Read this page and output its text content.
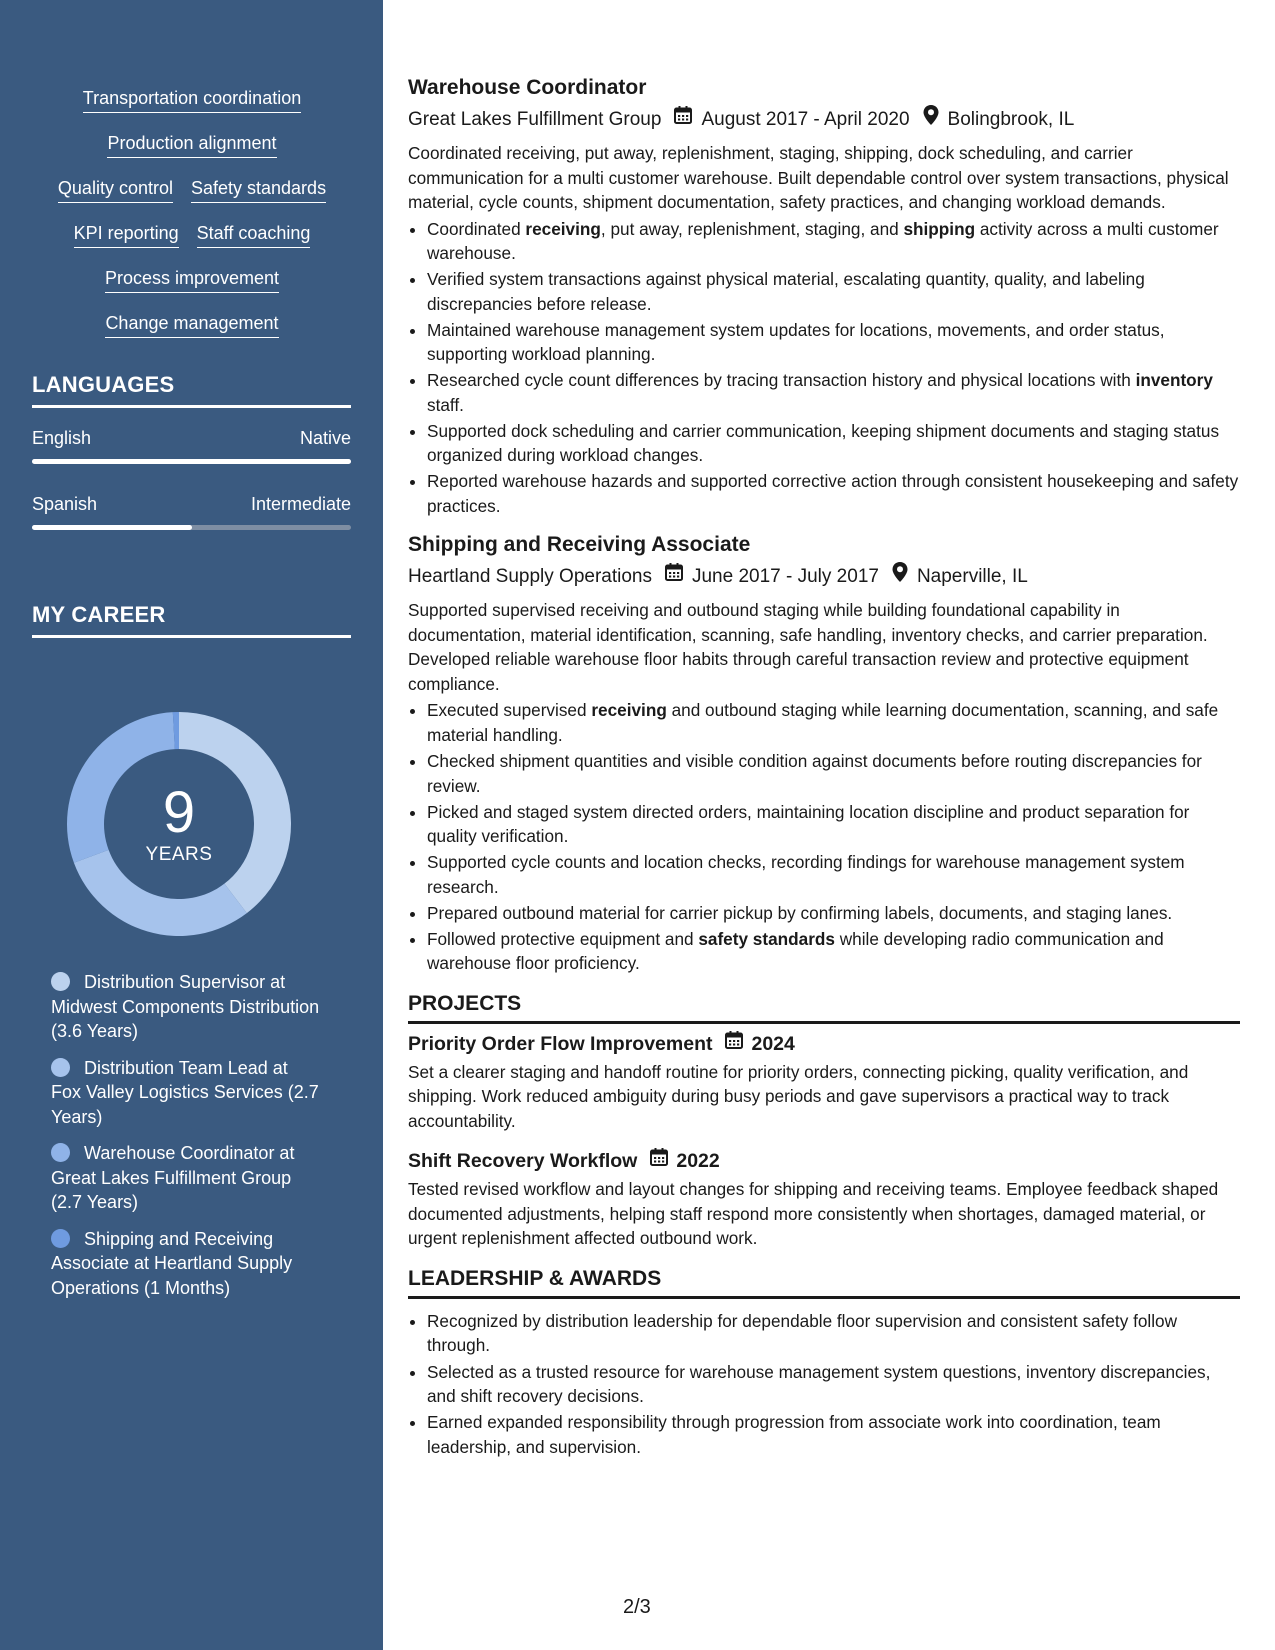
Transportation coordination
Production alignment
Quality control Safety standards
KPI reporting Staff coaching
Process improvement
Change management
LANGUAGES
English	Native
Spanish	Intermediate
MY CAREER
9
YEARS
Distribution Supervisor at Midwest Components Distribution (3.6 Years)
Distribution Team Lead at Fox Valley Logistics Services (2.7 Years)
Warehouse Coordinator at Great Lakes Fulfillment Group (2.7 Years)
Shipping and Receiving Associate at Heartland Supply Operations (1 Months)
Warehouse Coordinator
Great Lakes Fulfillment Group August 2017 - April 2020 Bolingbrook, IL

Coordinated receiving, put away, replenishment, staging, shipping, dock scheduling, and carrier communication for a multi customer warehouse. Built dependable control over system transactions, physical material, cycle counts, shipment documentation, safety practices, and changing workload demands.

• Coordinated receiving, put away, replenishment, staging, and shipping activity across a multi customer warehouse.
• Verified system transactions against physical material, escalating quantity, quality, and labeling discrepancies before release.
• Maintained warehouse management system updates for locations, movements, and order status, supporting workload planning.
• Researched cycle count differences by tracing transaction history and physical locations with inventory staff.
• Supported dock scheduling and carrier communication, keeping shipment documents and staging status organized during workload changes.
• Reported warehouse hazards and supported corrective action through consistent housekeeping and safety practices.
Shipping and Receiving Associate
Heartland Supply Operations June 2017 - July 2017 Naperville, IL

Supported supervised receiving and outbound staging while building foundational capability in documentation, material identification, scanning, safe handling, inventory checks, and carrier preparation. Developed reliable warehouse floor habits through careful transaction review and protective equipment compliance.

• Executed supervised receiving and outbound staging while learning documentation, scanning, and safe material handling.
• Checked shipment quantities and visible condition against documents before routing discrepancies for review.
• Picked and staged system directed orders, maintaining location discipline and product separation for quality verification.
• Supported cycle counts and location checks, recording findings for warehouse management system research.
• Prepared outbound material for carrier pickup by confirming labels, documents, and staging lanes.
• Followed protective equipment and safety standards while developing radio communication and warehouse floor proficiency.
PROJECTS
Priority Order Flow Improvement 2024

Set a clearer staging and handoff routine for priority orders, connecting picking, quality verification, and shipping. Work reduced ambiguity during busy periods and gave supervisors a practical way to track accountability.

Shift Recovery Workflow 2022

Tested revised workflow and layout changes for shipping and receiving teams. Employee feedback shaped documented adjustments, helping staff respond more consistently when shortages, damaged material, or urgent replenishment affected outbound work.

LEADERSHIP & AWARDS
• Recognized by distribution leadership for dependable floor supervision and consistent safety follow through.
• Selected as a trusted resource for warehouse management system questions, inventory discrepancies, and shift recovery decisions.
• Earned expanded responsibility through progression from associate work into coordination, team leadership, and supervision.
2/3
